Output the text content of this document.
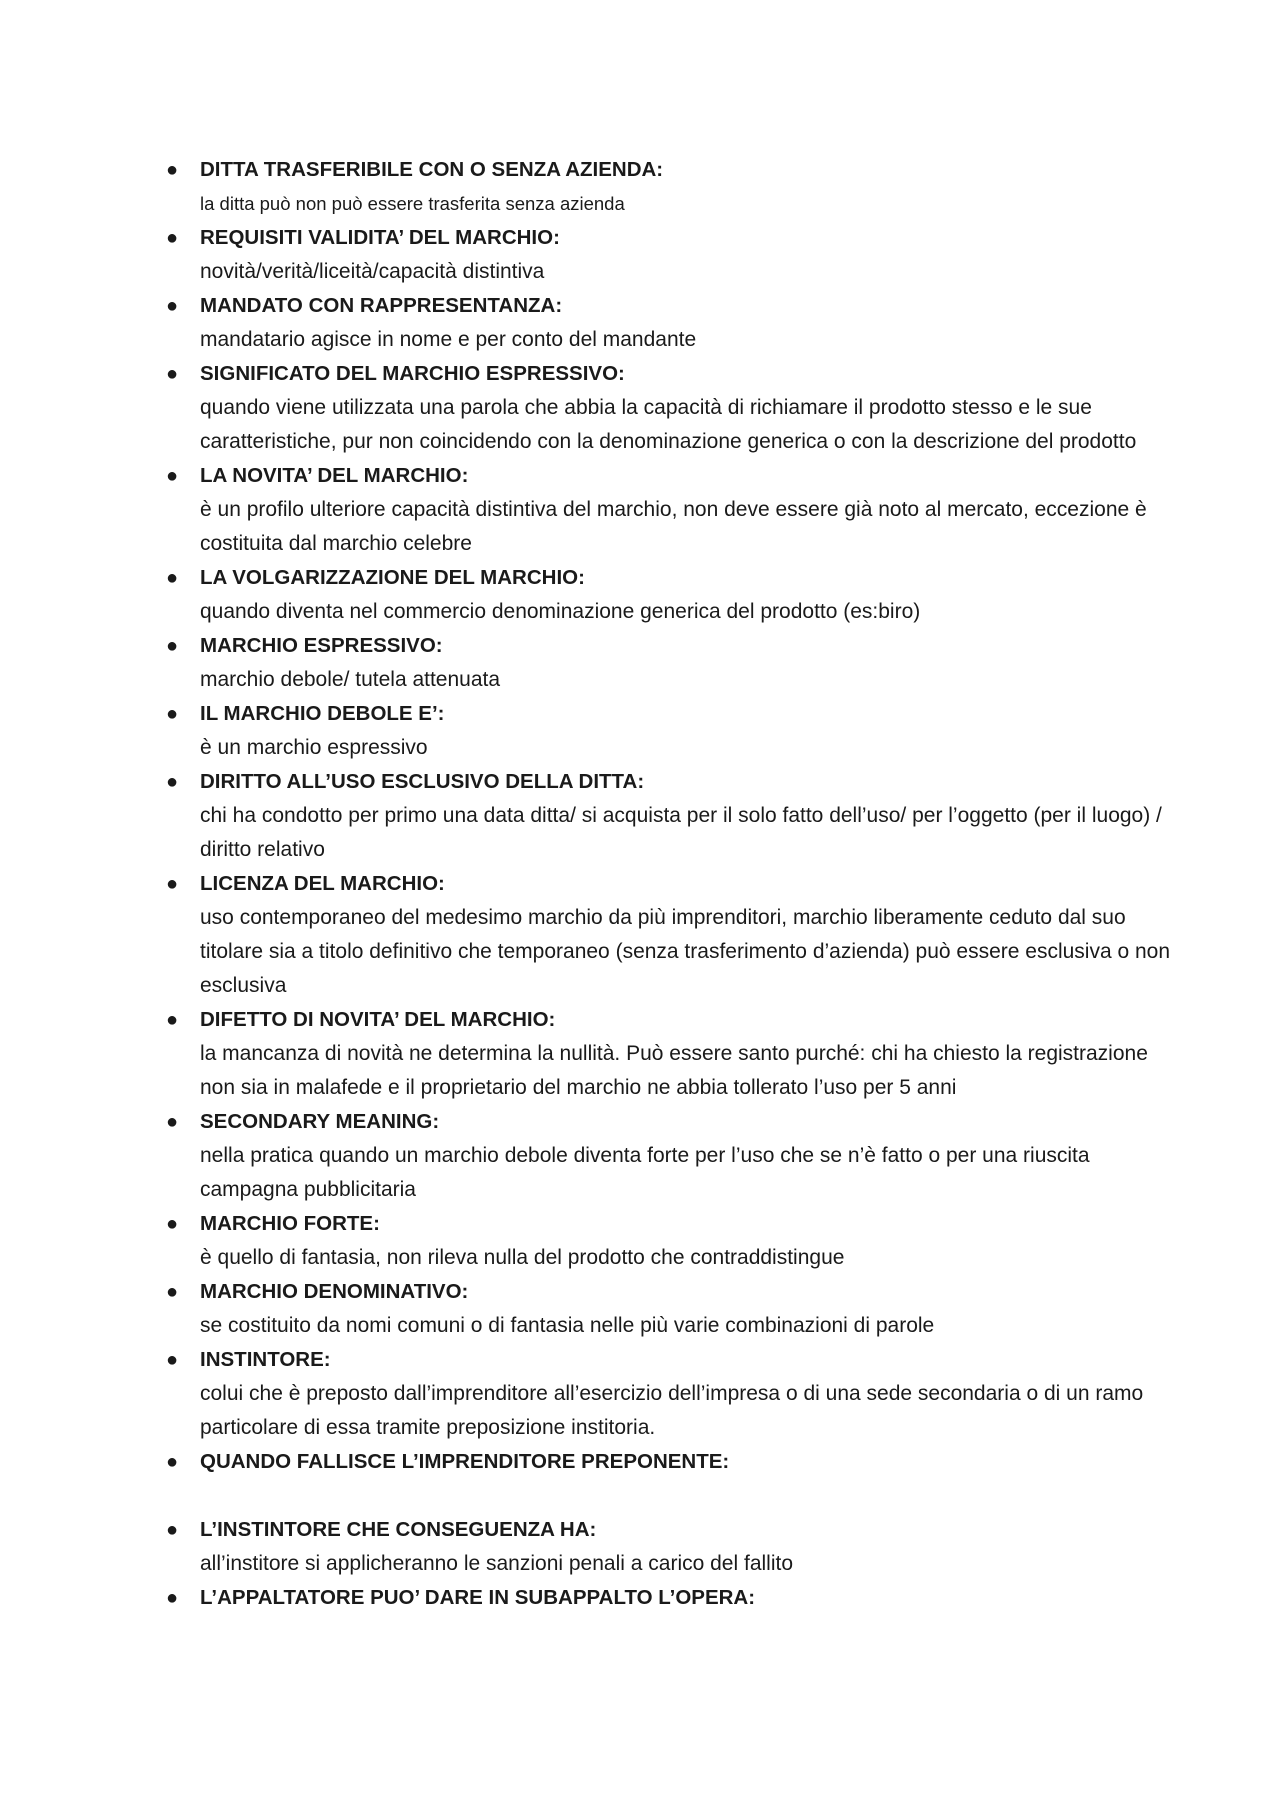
● DITTA TRASFERIBILE CON O SENZA AZIENDA:
la ditta può non può essere trasferita senza azienda
● REQUISITI VALIDITA’ DEL MARCHIO:
novità/verità/liceità/capacità distintiva
● MANDATO CON RAPPRESENTANZA:
mandatario agisce in nome e per conto del mandante
● SIGNIFICATO DEL MARCHIO ESPRESSIVO:
quando viene utilizzata una parola che abbia la capacità di richiamare il prodotto stesso e le sue caratteristiche, pur non coincidendo con la denominazione generica o con la descrizione del prodotto
● LA NOVITA’ DEL MARCHIO:
è un profilo ulteriore capacità distintiva del marchio, non deve essere già noto al mercato, eccezione è costituita dal marchio celebre
● LA VOLGARIZZAZIONE DEL MARCHIO:
quando diventa nel commercio denominazione generica del prodotto (es:biro)
● MARCHIO ESPRESSIVO:
marchio debole/ tutela attenuata
● IL MARCHIO DEBOLE E’:
è un marchio espressivo
● DIRITTO ALL’USO ESCLUSIVO DELLA DITTA:
chi ha condotto per primo una data ditta/ si acquista per il solo fatto dell’uso/ per l’oggetto (per il luogo) / diritto relativo
● LICENZA DEL MARCHIO:
uso contemporaneo del medesimo marchio da più imprenditori, marchio liberamente ceduto dal suo titolare sia a titolo definitivo che temporaneo (senza trasferimento d’azienda) può essere esclusiva o non esclusiva
● DIFETTO DI NOVITA’ DEL MARCHIO:
la mancanza di novità ne determina la nullità. Può essere santo purché: chi ha chiesto la registrazione non sia in malafede e il proprietario del marchio ne abbia tollerato l’uso per 5 anni
● SECONDARY MEANING:
nella pratica quando un marchio debole diventa forte per l’uso che se n’è fatto o per una riuscita campagna pubblicitaria
● MARCHIO FORTE:
è quello di fantasia, non rileva nulla del prodotto che contraddistingue
● MARCHIO DENOMINATIVO:
se costituito da nomi comuni o di fantasia nelle più varie combinazioni di parole
● INSTINTORE:
colui che è preposto dall’imprenditore all’esercizio dell’impresa o di una sede secondaria o di un ramo particolare di essa tramite preposizione institoria.
● QUANDO FALLISCE L’IMPRENDITORE PREPONENTE:
● L’INSTINTORE CHE CONSEGUENZA HA:
all’institore si applicheranno le sanzioni penali a carico del fallito
● L’APPALTATORE PUO’ DARE IN SUBAPPALTO L’OPERA:
